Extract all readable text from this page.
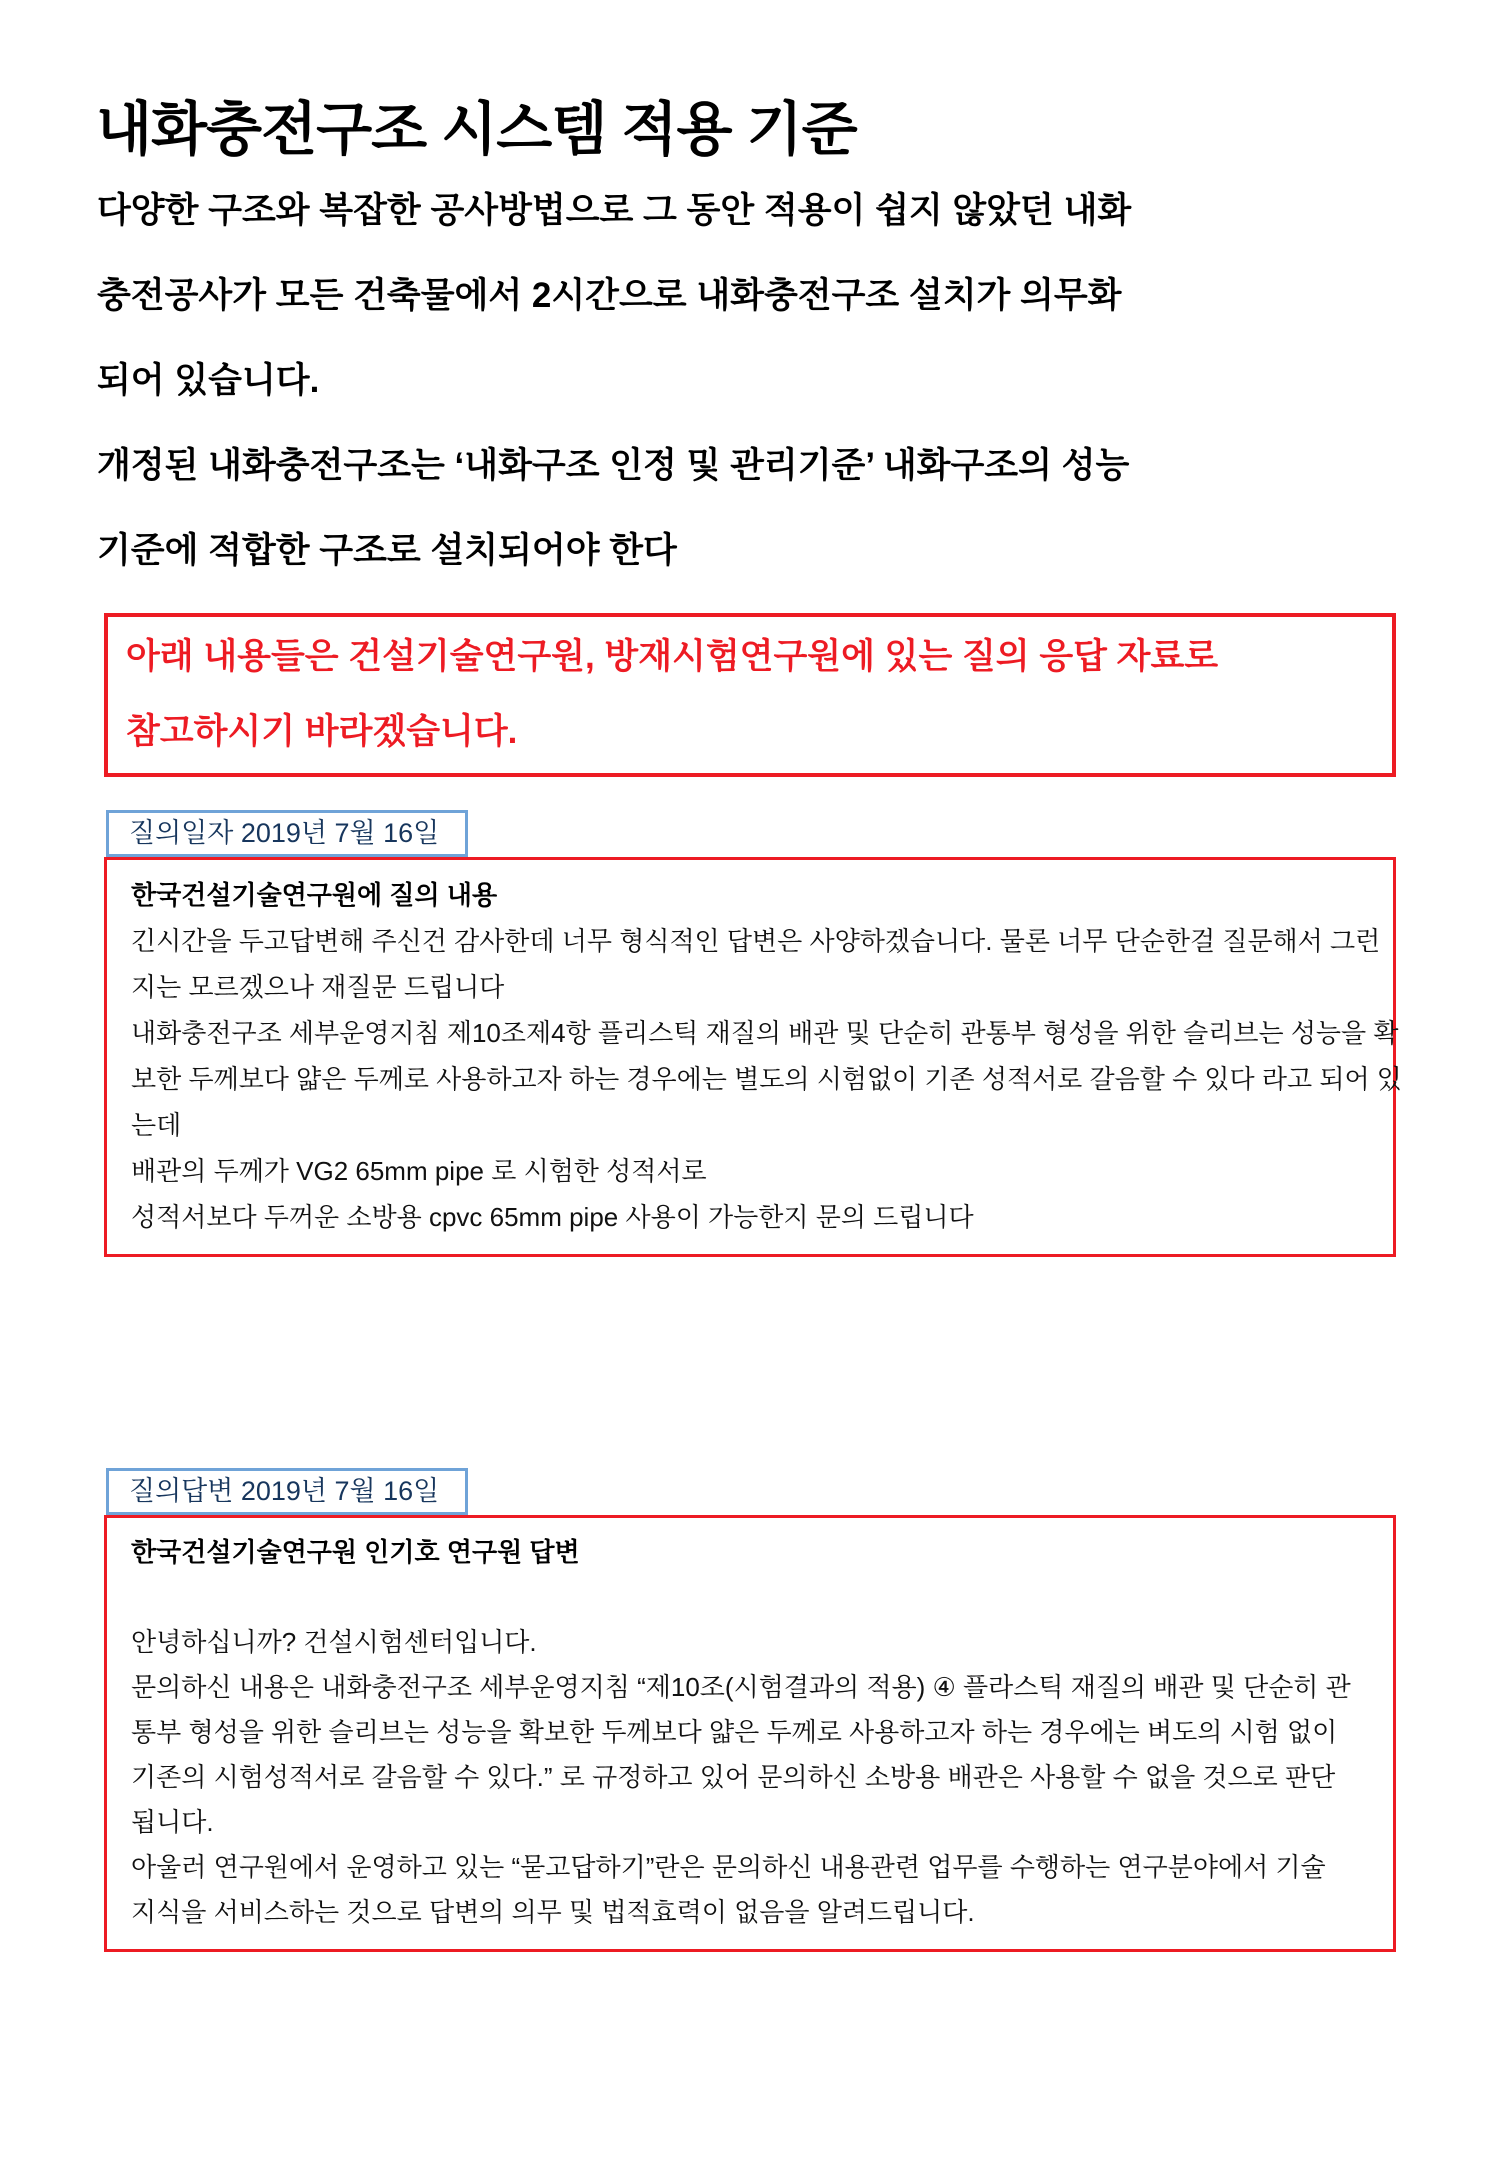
내화충전구조 시스템 적용 기준
다양한 구조와 복잡한 공사방법으로 그 동안 적용이 쉽지 않았던 내화
충전공사가 모든 건축물에서 2시간으로 내화충전구조 설치가 의무화
되어 있습니다.
개정된 내화충전구조는 ‘내화구조 인정 및 관리기준’ 내화구조의 성능
기준에 적합한 구조로 설치되어야 한다
아래 내용들은 건설기술연구원, 방재시험연구원에 있는 질의 응답 자료로
참고하시기 바라겠습니다.
질의일자 2019년 7월 16일
한국건설기술연구원에 질의 내용
긴시간을 두고답변해 주신건 감사한데 너무 형식적인 답변은 사양하겠습니다. 물론 너무 단순한걸 질문해서 그런
지는 모르겠으나 재질문 드립니다
내화충전구조 세부운영지침 제10조제4항 플리스틱 재질의 배관 및 단순히 관통부 형성을 위한 슬리브는 성능을 확
보한 두께보다 얇은 두께로 사용하고자 하는 경우에는 별도의 시험없이 기존 성적서로 갈음할 수 있다 라고 되어 있
는데
배관의 두께가 VG2 65mm pipe 로 시험한 성적서로
성적서보다 두꺼운 소방용 cpvc 65mm pipe 사용이 가능한지 문의 드립니다
질의답변 2019년 7월 16일
한국건설기술연구원 인기호 연구원 답변
안녕하십니까? 건설시험센터입니다.
문의하신 내용은 내화충전구조 세부운영지침 “제10조(시험결과의 적용) ④ 플라스틱 재질의 배관 및 단순히 관
통부 형성을 위한 슬리브는 성능을 확보한 두께보다 얇은 두께로 사용하고자 하는 경우에는 벼도의 시험 없이
기존의 시험성적서로 갈음할 수 있다.” 로 규정하고 있어 문의하신 소방용 배관은 사용할 수 없을 것으로 판단
됩니다.
아울러 연구원에서 운영하고 있는 “묻고답하기”란은 문의하신 내용관련 업무를 수행하는 연구분야에서 기술
지식을 서비스하는 것으로 답변의 의무 및 법적효력이 없음을 알려드립니다.
